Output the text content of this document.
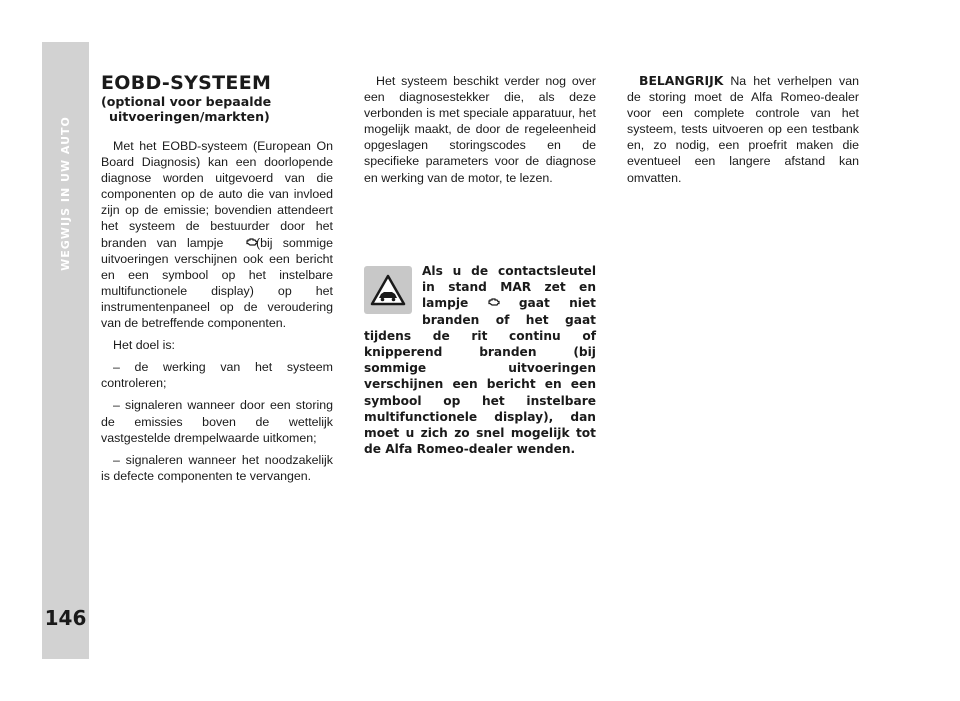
WEGWIJS IN UW AUTO
146
EOBD-SYSTEEM
(optional voor bepaalde
uitvoeringen/markten)

Met het EOBD-systeem (European On Board Diagnosis) kan een doorlopende diagnose worden uitgevoerd van die componenten op de auto die van invloed zijn op de emissie; bovendien attendeert het systeem de bestuurder door het branden van lampje	(bij sommige uitvoeringen verschijnen ook een bericht en een symbool op het instelbare multifunctionele display) op het instrumentenpaneel op de veroudering van de betreffende componenten.

Het doel is:

– de werking van het systeem controleren;

– signaleren wanneer door een storing de emissies boven de wettelijk vastgestelde drempelwaarde uitkomen;

– signaleren wanneer het noodzakelijk is defecte componenten te vervangen.

Het systeem beschikt verder nog over een diagnosestekker die, als deze verbonden is met speciale apparatuur, het mogelijk maakt, de door de regeleenheid opgeslagen storingscodes en de specifieke parameters voor de diagnose en werking van de motor, te lezen.

Als u de contactsleutel in stand MAR zet en lampje	gaat niet branden of het gaat tijdens de rit continu of knipperend branden (bij sommige uitvoeringen verschijnen een bericht en een symbool op het instelbare multifunctionele display), dan moet u zich zo snel mogelijk tot de Alfa Romeo-dealer wenden.

BELANGRIJK Na het verhelpen van de storing moet de Alfa Romeo-dealer voor een complete controle van het systeem, tests uitvoeren op een testbank en, zo nodig, een proefrit maken die eventueel een langere afstand kan omvatten.
